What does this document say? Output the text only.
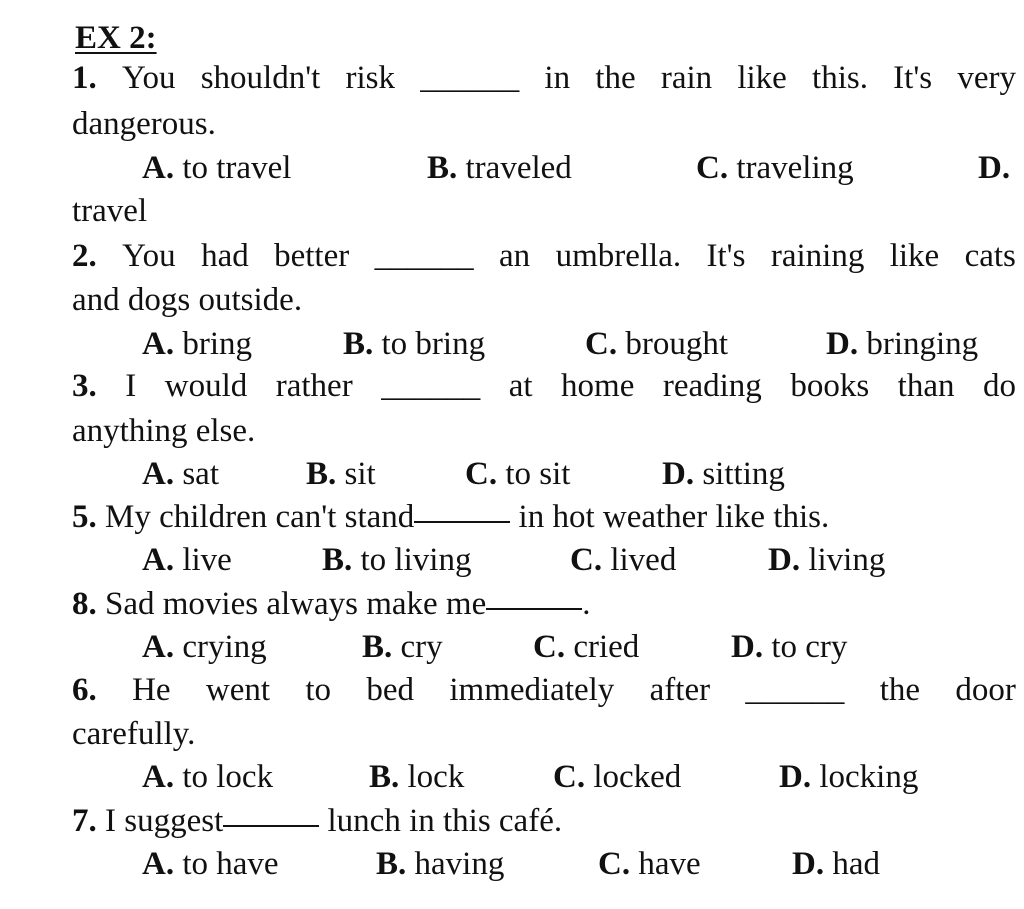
EX 2:
1. You shouldn't risk ______ in the rain like this. It's very
dangerous.
A. to travel	B. traveled	C. traveling	D.
travel
2. You had better ______ an umbrella. It's raining like cats
and dogs outside.
A. bring	B. to bring	C. brought	D. bringing
3. I would rather ______ at home reading books than do
anything else.
A. sat	B. sit	C. to sit	D. sitting
5. My children can't stand	in hot weather like this.
A. live	B. to living	C. lived	D. living
8. Sad movies always make me	.
A. crying	B. cry	C. cried	D. to cry
6. He went to bed immediately after ______ the door
carefully.
A. to lock	B. lock	C. locked	D. locking
7. I suggest	lunch in this café.
A. to have	B. having	C. have	D. had
